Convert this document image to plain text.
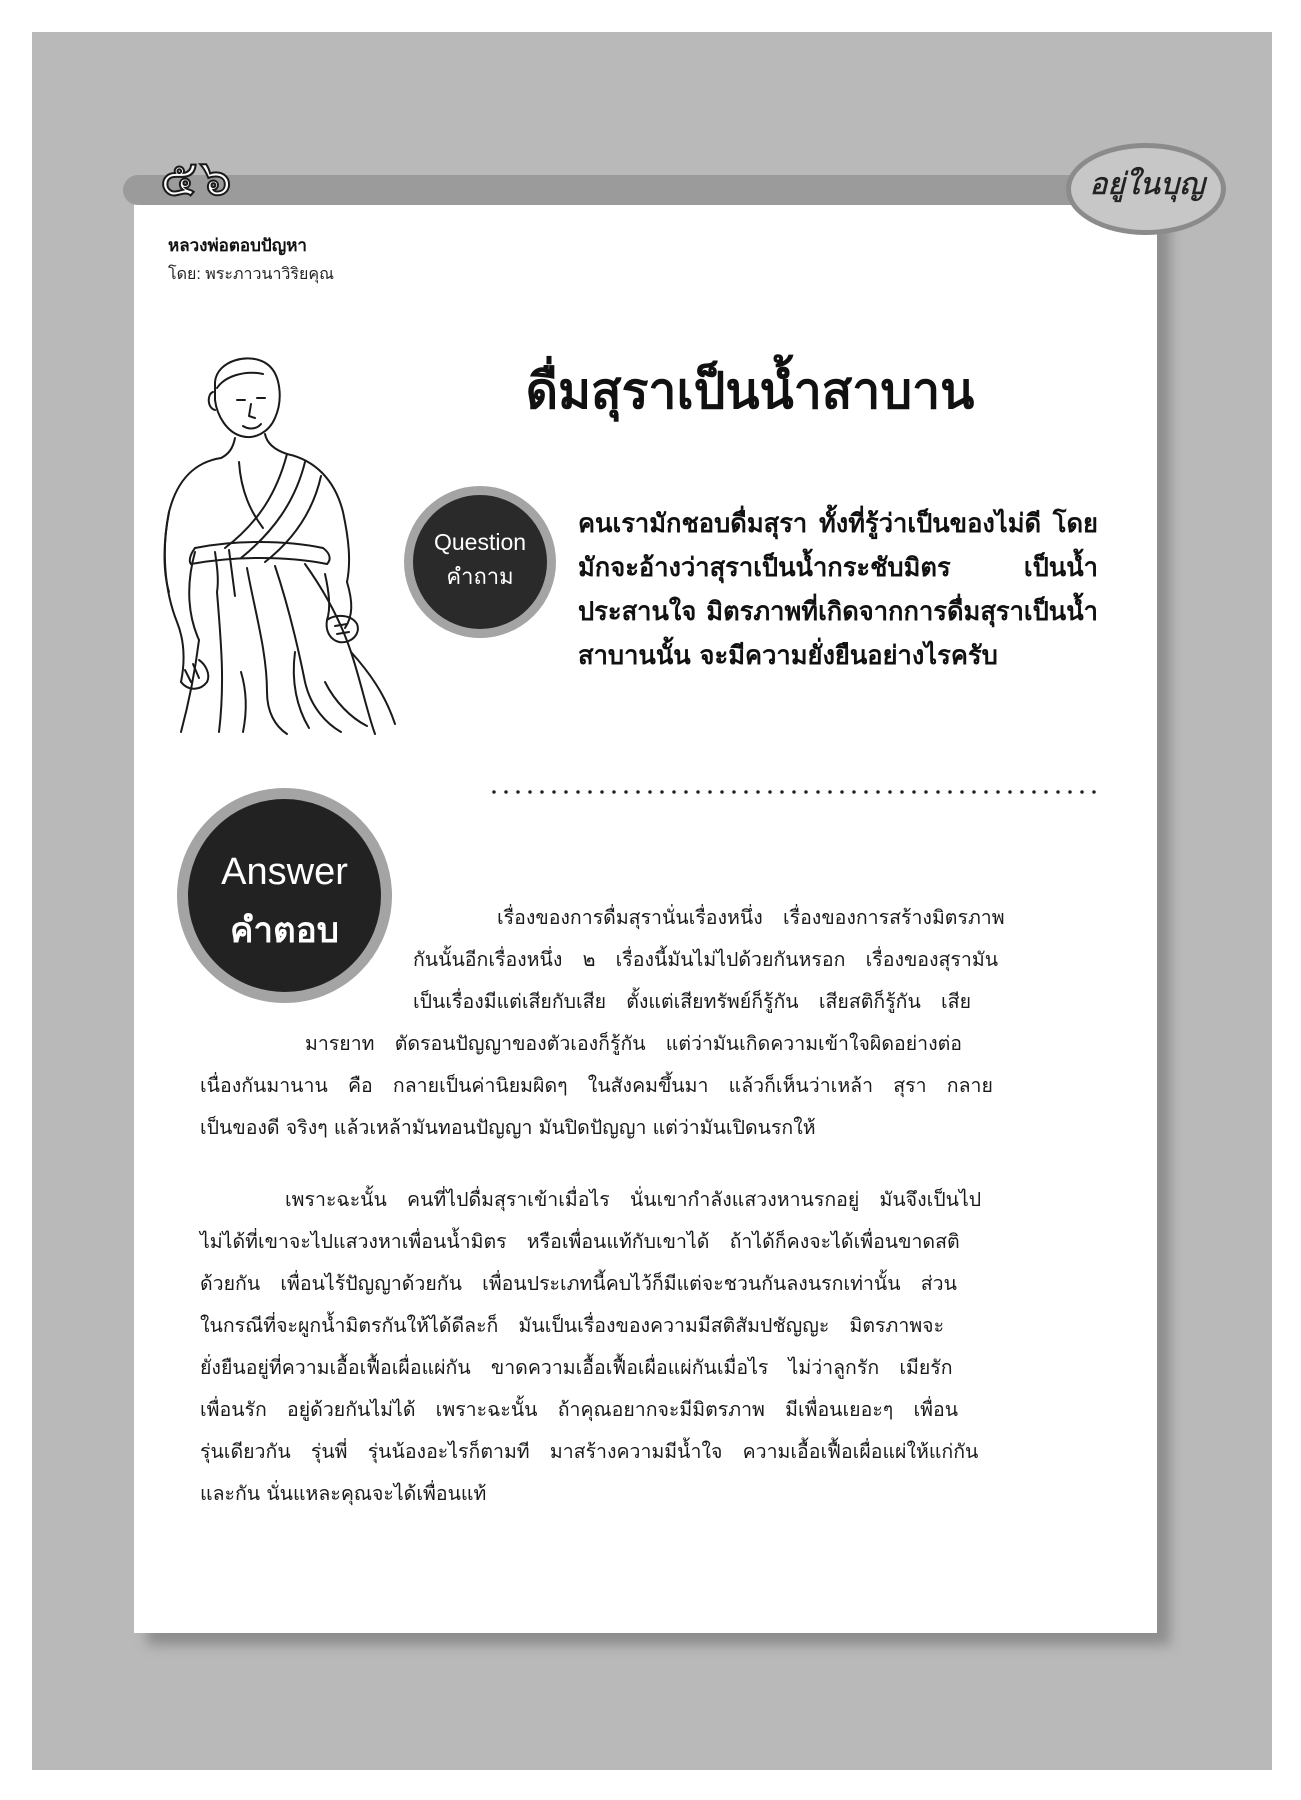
๕๖	อยู่ในบุญ
หลวงพ่อตอบปัญหา
โดย: พระภาวนาวิริยคุณ
ดื่มสุราเป็นน้ำสาบาน
Question
คำถาม
คนเรามักชอบดื่มสุรา ทั้งที่รู้ว่าเป็นของไม่ดี โดยมักจะอ้างว่าสุราเป็นน้ำกระชับมิตร เป็นน้ำประสานใจ มิตรภาพที่เกิดจากการดื่มสุราเป็นน้ำสาบานนั้น จะมีความยั่งยืนอย่างไรครับ
Answer
คำตอบ	เรื่องของการดื่มสุรานั่นเรื่องหนึ่ง เรื่องของการสร้างมิตรภาพ
กันนั้นอีกเรื่องหนึ่ง ๒ เรื่องนี้มันไม่ไปด้วยกันหรอก เรื่องของสุรามัน
เป็นเรื่องมีแต่เสียกับเสีย ตั้งแต่เสียทรัพย์ก็รู้กัน เสียสติก็รู้กัน เสีย
มารยาท ตัดรอนปัญญาของตัวเองก็รู้กัน แต่ว่ามันเกิดความเข้าใจผิดอย่างต่อ
เนื่องกันมานาน คือ กลายเป็นค่านิยมผิดๆ ในสังคมขึ้นมา แล้วก็เห็นว่าเหล้า สุรา กลาย
เป็นของดี จริงๆ แล้วเหล้ามันทอนปัญญา มันปิดปัญญา แต่ว่ามันเปิดนรกให้
เพราะฉะนั้น คนที่ไปดื่มสุราเข้าเมื่อไร นั่นเขากำลังแสวงหานรกอยู่ มันจึงเป็นไป
ไม่ได้ที่เขาจะไปแสวงหาเพื่อนน้ำมิตร หรือเพื่อนแท้กับเขาได้ ถ้าได้ก็คงจะได้เพื่อนขาดสติ
ด้วยกัน เพื่อนไร้ปัญญาด้วยกัน เพื่อนประเภทนี้คบไว้ก็มีแต่จะชวนกันลงนรกเท่านั้น ส่วน
ในกรณีที่จะผูกน้ำมิตรกันให้ได้ดีละก็ มันเป็นเรื่องของความมีสติสัมปชัญญะ มิตรภาพจะ
ยั่งยืนอยู่ที่ความเอื้อเฟื้อเผื่อแผ่กัน ขาดความเอื้อเฟื้อเผื่อแผ่กันเมื่อไร ไม่ว่าลูกรัก เมียรัก
เพื่อนรัก อยู่ด้วยกันไม่ได้ เพราะฉะนั้น ถ้าคุณอยากจะมีมิตรภาพ มีเพื่อนเยอะๆ เพื่อน
รุ่นเดียวกัน รุ่นพี่ รุ่นน้องอะไรก็ตามที มาสร้างความมีน้ำใจ ความเอื้อเฟื้อเผื่อแผ่ให้แก่กัน
และกัน นั่นแหละคุณจะได้เพื่อนแท้
